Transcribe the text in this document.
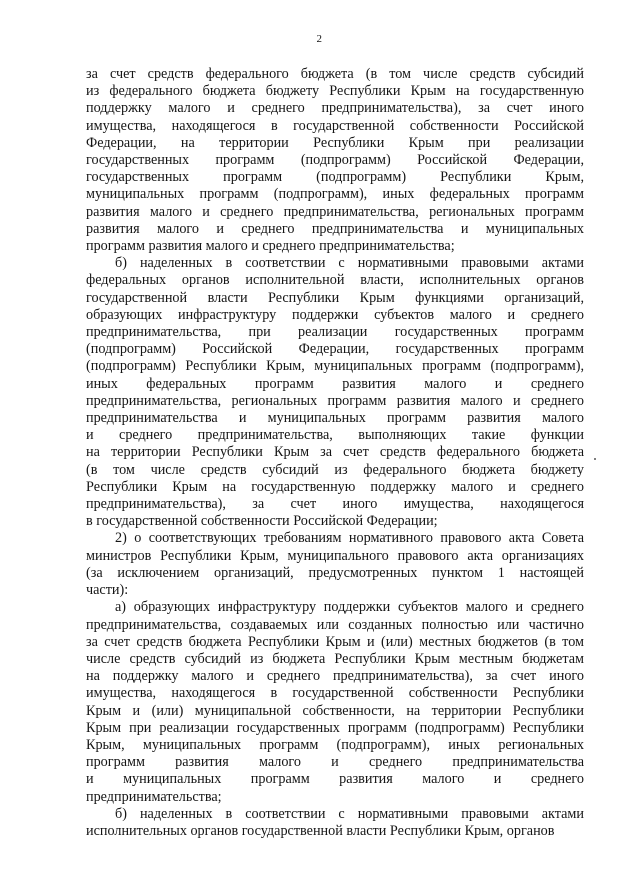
2

за счет средств федерального бюджета (в том числе средств субсидий
из федерального бюджета бюджету Республики Крым на государственную
поддержку малого и среднего предпринимательства), за счет иного
имущества, находящегося в государственной собственности Российской
Федерации, на территории Республики Крым при реализации
государственных программ (подпрограмм) Российской Федерации,
государственных программ (подпрограмм) Республики Крым,
муниципальных программ (подпрограмм), иных федеральных программ
развития малого и среднего предпринимательства, региональных программ
развития малого и среднего предпринимательства и муниципальных
программ развития малого и среднего предпринимательства;

б) наделенных в соответствии с нормативными правовыми актами
федеральных органов исполнительной власти, исполнительных органов
государственной власти Республики Крым функциями организаций,
образующих инфраструктуру поддержки субъектов малого и среднего
предпринимательства, при реализации государственных программ
(подпрограмм) Российской Федерации, государственных программ
(подпрограмм) Республики Крым, муниципальных программ (подпрограмм),
иных федеральных программ развития малого и среднего
предпринимательства, региональных программ развития малого и среднего
предпринимательства и муниципальных программ развития малого
и среднего предпринимательства, выполняющих такие функции
на территории Республики Крым за счет средств федерального бюджета
(в том числе средств субсидий из федерального бюджета бюджету
Республики Крым на государственную поддержку малого и среднего
предпринимательства), за счет иного имущества, находящегося
в государственной собственности Российской Федерации;

2) о соответствующих требованиям нормативного правового акта Совета
министров Республики Крым, муниципального правового акта организациях
(за исключением организаций, предусмотренных пунктом 1 настоящей
части):

а) образующих инфраструктуру поддержки субъектов малого и среднего
предпринимательства, создаваемых или созданных полностью или частично
за счет средств бюджета Республики Крым и (или) местных бюджетов (в том
числе средств субсидий из бюджета Республики Крым местным бюджетам
на поддержку малого и среднего предпринимательства), за счет иного
имущества, находящегося в государственной собственности Республики
Крым и (или) муниципальной собственности, на территории Республики
Крым при реализации государственных программ (подпрограмм) Республики
Крым, муниципальных программ (подпрограмм), иных региональных
программ развития малого и среднего предпринимательства
и муниципальных программ развития малого и среднего
предпринимательства;

б) наделенных в соответствии с нормативными правовыми актами
исполнительных органов государственной власти Республики Крым, органов
